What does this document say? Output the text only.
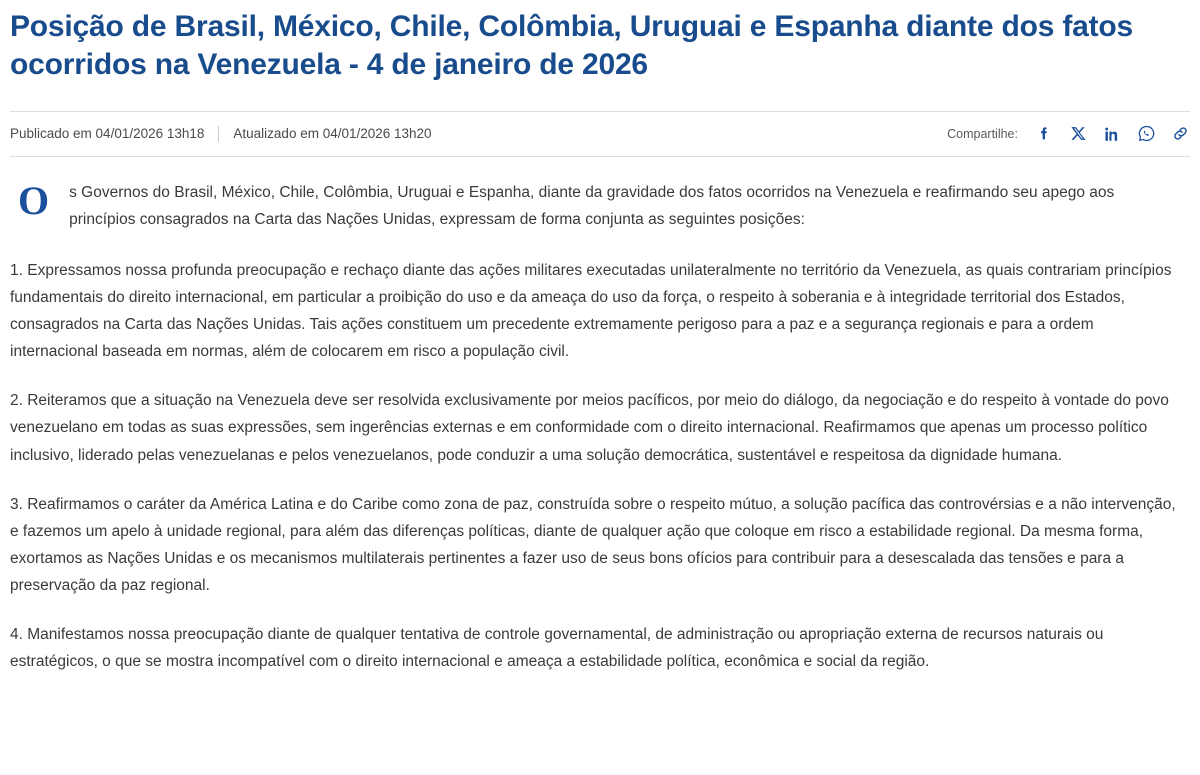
Posição de Brasil, México, Chile, Colômbia, Uruguai e Espanha diante dos fatos ocorridos na Venezuela - 4 de janeiro de 2026
Publicado em 04/01/2026 13h18 Atualizado em 04/01/2026 13h20	Compartilhe:

O s Governos do Brasil, México, Chile, Colômbia, Uruguai e Espanha, diante da gravidade dos fatos ocorridos na Venezuela e reafirmando seu apego aos princípios consagrados na Carta das Nações Unidas, expressam de forma conjunta as seguintes posições:

1. Expressamos nossa profunda preocupação e rechaço diante das ações militares executadas unilateralmente no território da Venezuela, as quais contrariam princípios fundamentais do direito internacional, em particular a proibição do uso e da ameaça do uso da força, o respeito à soberania e à integridade territorial dos Estados, consagrados na Carta das Nações Unidas. Tais ações constituem um precedente extremamente perigoso para a paz e a segurança regionais e para a ordem internacional baseada em normas, além de colocarem em risco a população civil.

2. Reiteramos que a situação na Venezuela deve ser resolvida exclusivamente por meios pacíficos, por meio do diálogo, da negociação e do respeito à vontade do povo venezuelano em todas as suas expressões, sem ingerências externas e em conformidade com o direito internacional. Reafirmamos que apenas um processo político inclusivo, liderado pelas venezuelanas e pelos venezuelanos, pode conduzir a uma solução democrática, sustentável e respeitosa da dignidade humana.

3. Reafirmamos o caráter da América Latina e do Caribe como zona de paz, construída sobre o respeito mútuo, a solução pacífica das controvérsias e a não intervenção, e fazemos um apelo à unidade regional, para além das diferenças políticas, diante de qualquer ação que coloque em risco a estabilidade regional. Da mesma forma, exortamos as Nações Unidas e os mecanismos multilaterais pertinentes a fazer uso de seus bons ofícios para contribuir para a desescalada das tensões e para a preservação da paz regional.

4. Manifestamos nossa preocupação diante de qualquer tentativa de controle governamental, de administração ou apropriação externa de recursos naturais ou estratégicos, o que se mostra incompatível com o direito internacional e ameaça a estabilidade política, econômica e social da região.
